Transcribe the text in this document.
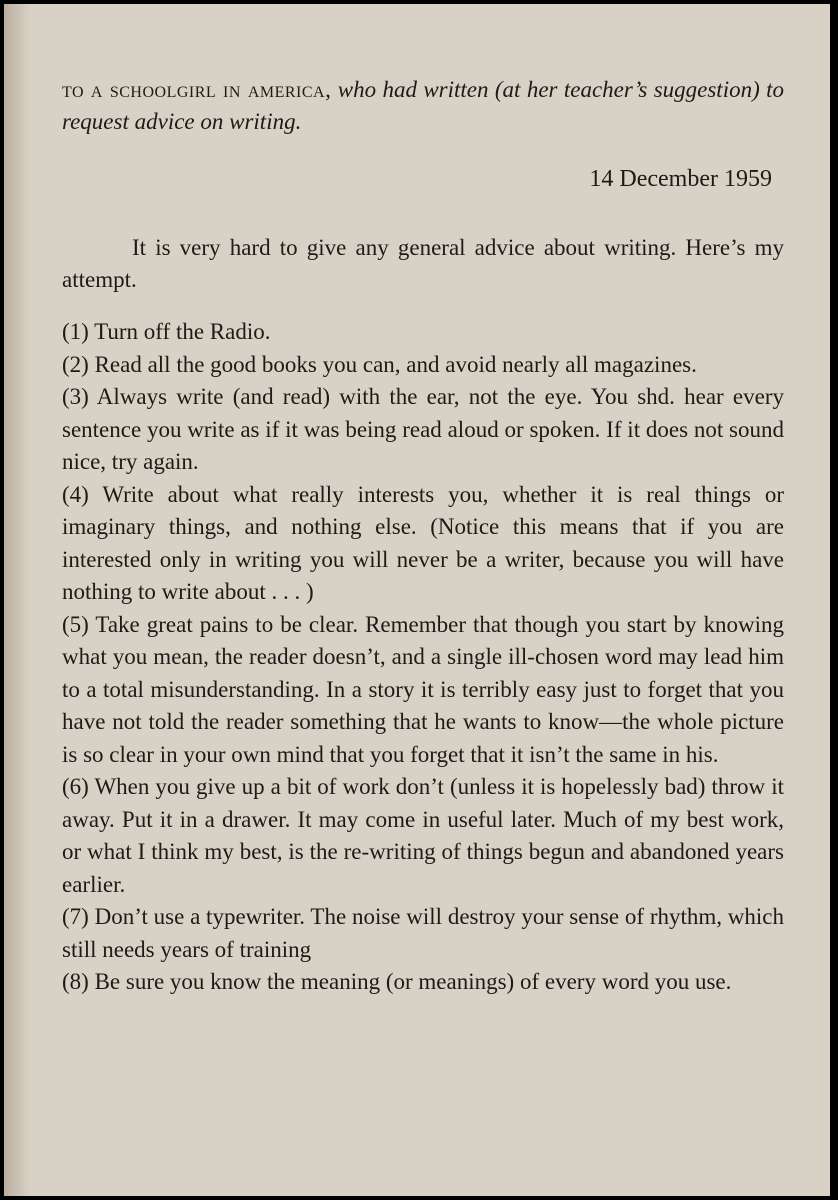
to a schoolgirl in america, who had written (at her teacher’s suggestion) to request advice on writing.
14 December 1959

It is very hard to give any general advice about writing. Here’s my attempt.

(1) Turn off the Radio.

(2) Read all the good books you can, and avoid nearly all magazines.

(3) Always write (and read) with the ear, not the eye. You shd. hear every sentence you write as if it was being read aloud or spoken. If it does not sound nice, try again.

(4) Write about what really interests you, whether it is real things or imaginary things, and nothing else. (Notice this means that if you are interested only in writing you will never be a writer, because you will have nothing to write about . . . )

(5) Take great pains to be clear. Remember that though you start by knowing what you mean, the reader doesn’t, and a single ill-chosen word may lead him to a total misunderstanding. In a story it is terribly easy just to forget that you have not told the reader something that he wants to know—the whole picture is so clear in your own mind that you forget that it isn’t the same in his.

(6) When you give up a bit of work don’t (unless it is hopelessly bad) throw it away. Put it in a drawer. It may come in useful later. Much of my best work, or what I think my best, is the re-writing of things begun and abandoned years earlier.

(7) Don’t use a typewriter. The noise will destroy your sense of rhythm, which still needs years of training

(8) Be sure you know the meaning (or meanings) of every word you use.
